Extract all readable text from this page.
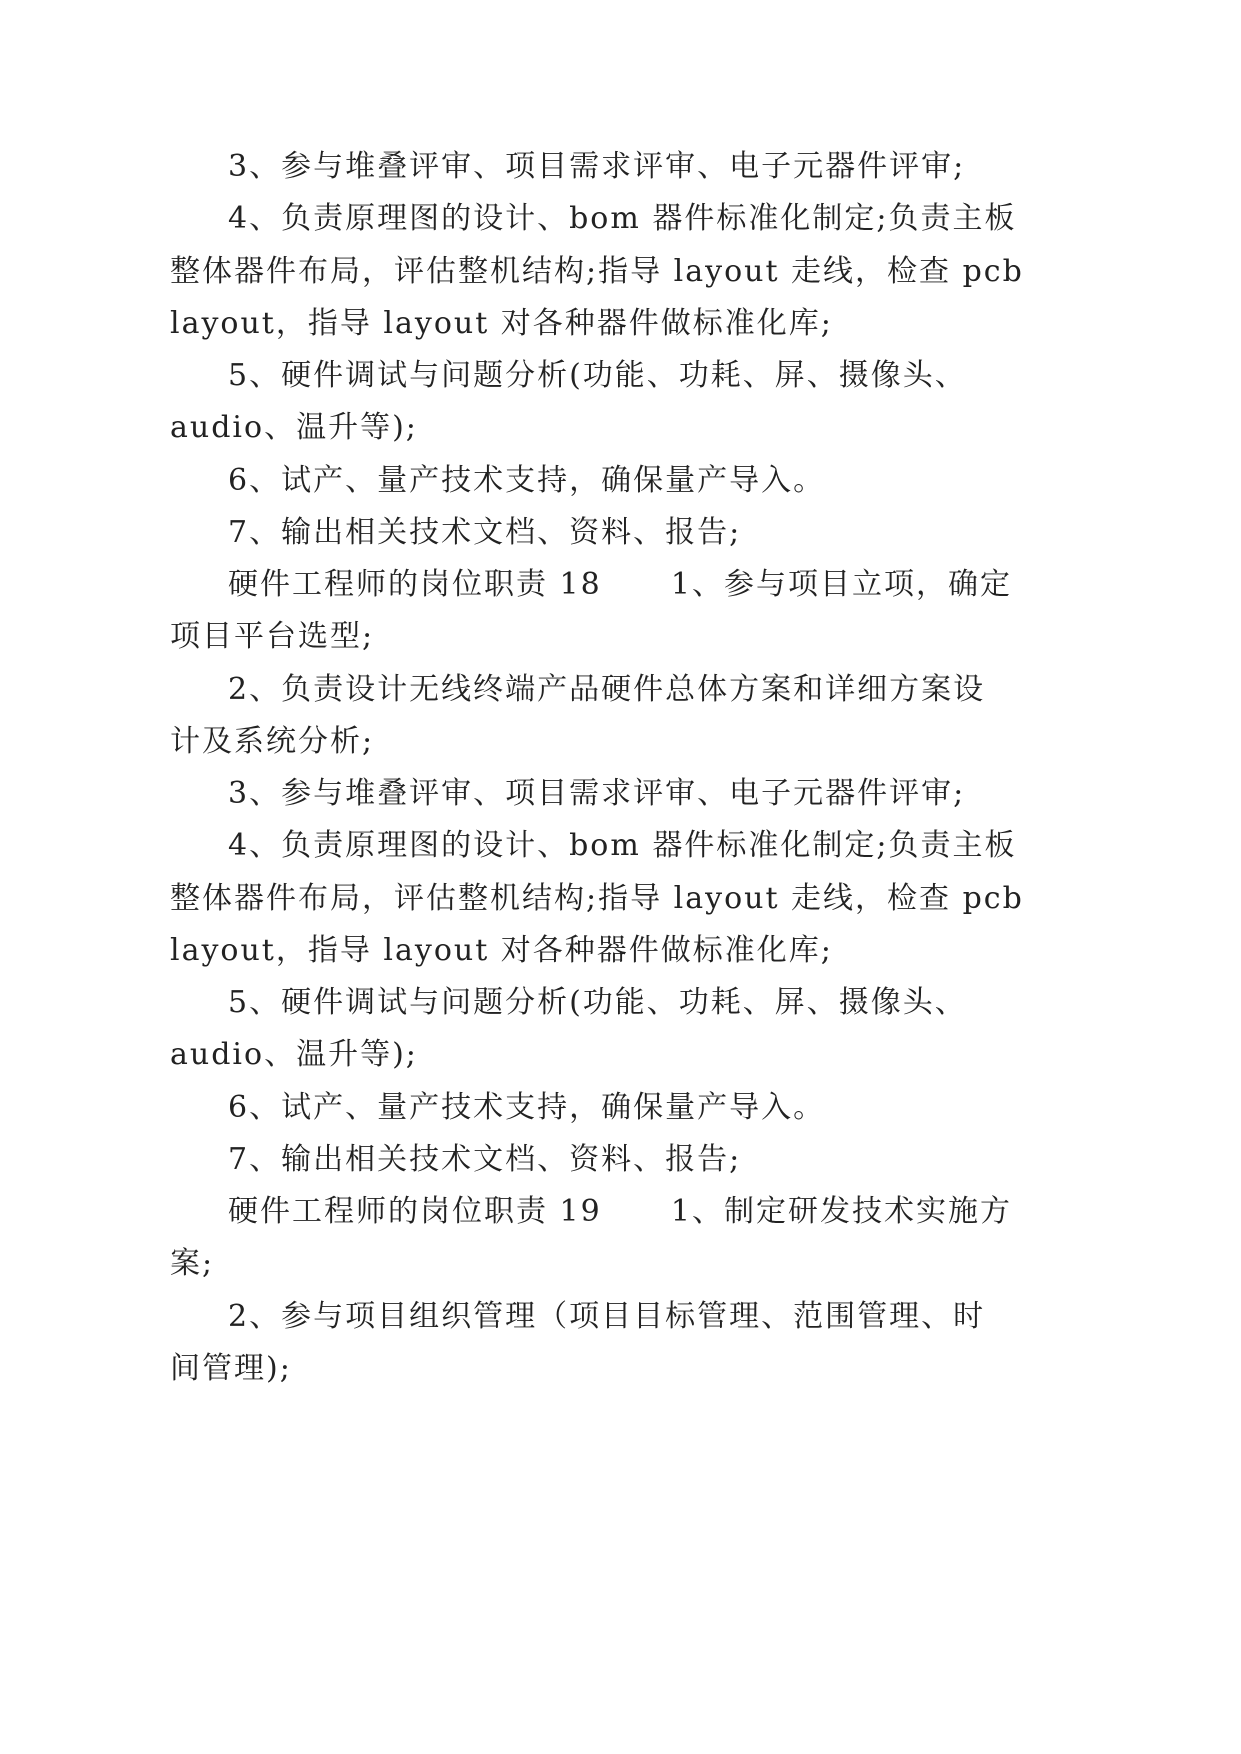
3、参与堆叠评审、项目需求评审、电子元器件评审;
4、负责原理图的设计、bom 器件标准化制定;负责主板
整体器件布局，评估整机结构;指导 layout 走线，检查 pcb
layout，指导 layout 对各种器件做标准化库;
5、硬件调试与问题分析(功能、功耗、屏、摄像头、
audio、温升等);
6、试产、量产技术支持，确保量产导入。
7、输出相关技术文档、资料、报告;
硬件工程师的岗位职责 18      1、参与项目立项，确定
项目平台选型;
2、负责设计无线终端产品硬件总体方案和详细方案设
计及系统分析;
3、参与堆叠评审、项目需求评审、电子元器件评审;
4、负责原理图的设计、bom 器件标准化制定;负责主板
整体器件布局，评估整机结构;指导 layout 走线，检查 pcb
layout，指导 layout 对各种器件做标准化库;
5、硬件调试与问题分析(功能、功耗、屏、摄像头、
audio、温升等);
6、试产、量产技术支持，确保量产导入。
7、输出相关技术文档、资料、报告;
硬件工程师的岗位职责 19      1、制定研发技术实施方
案;
2、参与项目组织管理（项目目标管理、范围管理、时
间管理);
